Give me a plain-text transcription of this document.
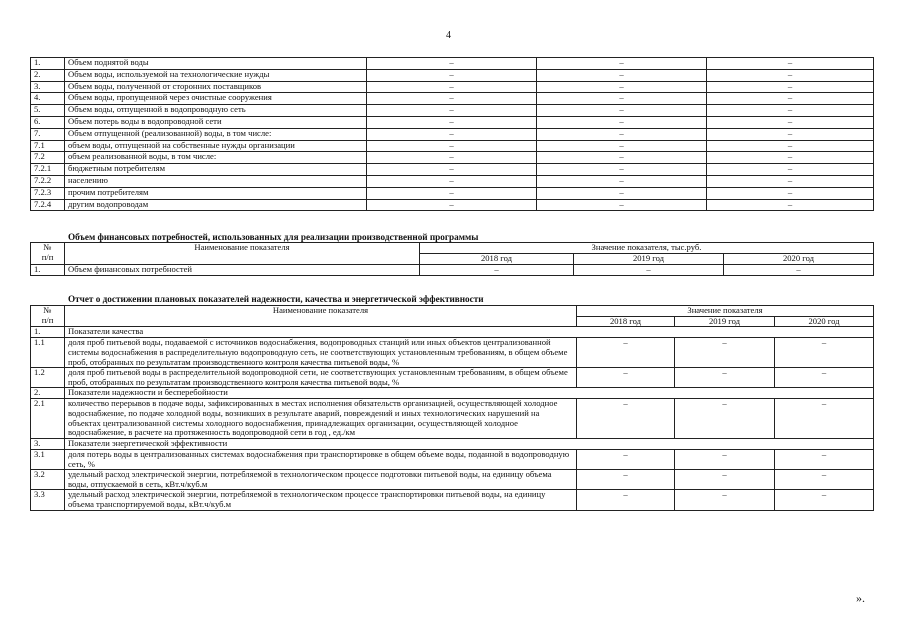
4
1.	Объем поднятой воды	–	–	–
2.	Объем воды, используемой на технологические нужды	–	–	–
3.	Объем воды, полученной от сторонних поставщиков	–	–	–
4.	Объем воды, пропущенной через очистные сооружения	–	–	–
5.	Объем воды, отпущенной в водопроводную сеть	–	–	–
6.	Объем потерь воды в водопроводной сети	–	–	–
7.	Объем отпущенной (реализованной) воды, в том числе:	–	–	–
7.1	объем воды, отпущенной на собственные нужды организации	–	–	–
7.2	объем реализованной воды, в том числе:	–	–	–
7.2.1	бюджетным потребителям	–	–	–
7.2.2	населению	–	–	–
7.2.3	прочим потребителям	–	–	–
7.2.4	другим водопроводам	–	–	–
Объем финансовых потребностей, использованных для реализации производственной программы
№
п/п	Наименование показателя	Значение показателя, тыс.руб.		
		2018 год	2019 год	2020 год
1.	Объем финансовых потребностей	–	–	–
Отчет о достижении плановых показателей надежности, качества и энергетической эффективности
№
п/п	Наименование показателя	Значение показателя		
		2018 год	2019 год	2020 год
1.	Показатели качества			
1.1	доля проб питьевой воды, подаваемой с источников водоснабжения, водопроводных станций или иных объектов централизованной системы водоснабжения в распределительную водопроводную сеть, не соответствующих установленным требованиям, в общем объеме проб, отобранных по результатам производственного контроля качества питьевой воды, %	–	–	–
1.2	доля проб питьевой воды в распределительной водопроводной сети, не соответствующих установленным требованиям, в общем объеме проб, отобранных по результатам производственного контроля качества питьевой воды, %	–	–	–
2.	Показатели надежности и бесперебойности			
2.1	количество перерывов в подаче воды, зафиксированных в местах исполнения обязательств организацией, осуществляющей холодное водоснабжение, по подаче холодной воды, возникших в результате аварий, повреждений и иных технологических нарушений на объектах централизованной системы холодного водоснабжения, принадлежащих организации, осуществляющей холодное водоснабжение, в расчете на протяженность водопроводной сети в год , ед./км	–	–	–
3.	Показатели энергетической эффективности			
3.1	доля потерь воды в централизованных системах водоснабжения при транспортировке в общем объеме воды, поданной в водопроводную сеть, %	–	–	–
3.2	удельный расход электрической энергии, потребляемой в технологическом процессе подготовки питьевой воды, на единицу объема воды, отпускаемой в сеть, кВт.ч/куб.м	–	–	–
3.3	удельный расход электрической энергии, потребляемой в технологическом процессе транспортировки питьевой воды, на единицу объема транспортируемой воды, кВт.ч/куб.м	–	–	–
».
